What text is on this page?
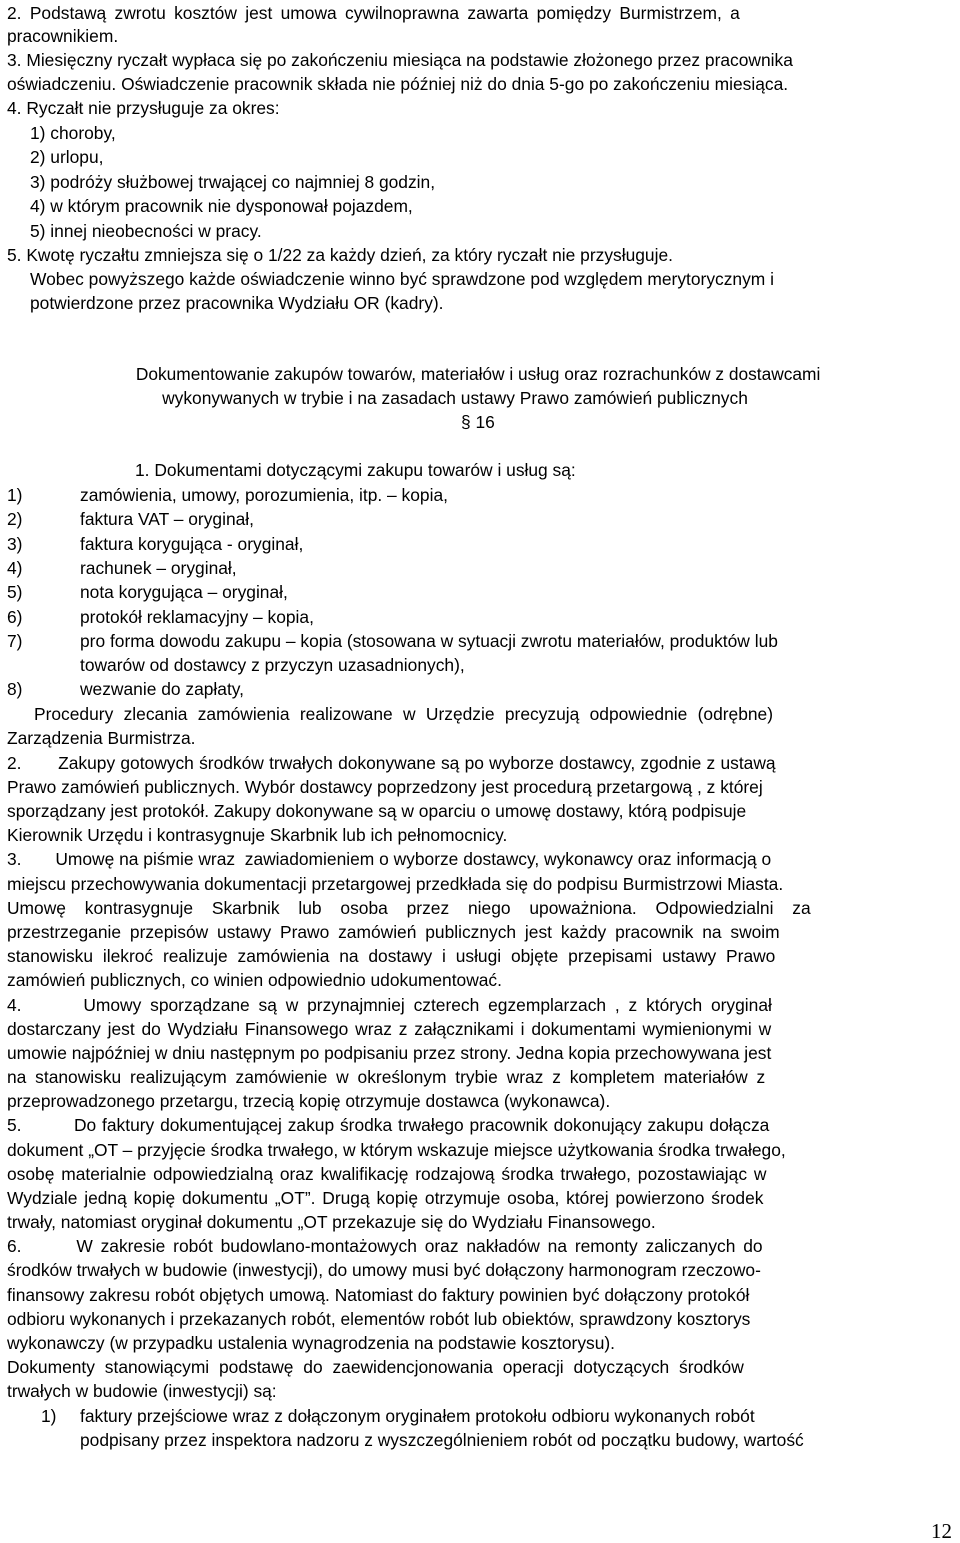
2. Podstawą zwrotu kosztów jest umowa cywilnoprawna zawarta pomiędzy Burmistrzem, a
pracownikiem.
3. Miesięczny ryczałt wypłaca się po zakończeniu miesiąca na podstawie złożonego przez pracownika
oświadczeniu. Oświadczenie pracownik składa nie później niż do dnia 5-go po zakończeniu miesiąca.
4. Ryczałt nie przysługuje za okres:
1) choroby,
2) urlopu,
3) podróży służbowej trwającej co najmniej 8 godzin,
4) w którym pracownik nie dysponował pojazdem,
5) innej nieobecności w pracy.
5. Kwotę ryczałtu zmniejsza się o 1/22 za każdy dzień, za który ryczałt nie przysługuje.
Wobec powyższego każde oświadczenie winno być sprawdzone pod względem merytorycznym i
potwierdzone przez pracownika Wydziału OR (kadry).
Dokumentowanie zakupów towarów, materiałów i usług oraz rozrachunków z dostawcami
wykonywanych w trybie i na zasadach ustawy Prawo zamówień publicznych
§ 16
1. Dokumentami dotyczącymi zakupu towarów i usług są:
1)	zamówienia, umowy, porozumienia, itp. – kopia,
2)	faktura VAT – oryginał,
3)	faktura korygująca - oryginał,
4)	rachunek – oryginał,
5)	nota korygująca – oryginał,
6)	protokół reklamacyjny – kopia,
7)	pro forma dowodu zakupu – kopia (stosowana w sytuacji zwrotu materiałów, produktów lub
towarów od dostawcy z przyczyn uzasadnionych),
8)	wezwanie do zapłaty,
Procedury zlecania zamówienia realizowane w Urzędzie precyzują odpowiednie (odrębne)
Zarządzenia Burmistrza.
2.       Zakupy gotowych środków trwałych dokonywane są po wyborze dostawcy, zgodnie z ustawą
Prawo zamówień publicznych. Wybór dostawcy poprzedzony jest procedurą przetargową , z której
sporządzany jest protokół. Zakupy dokonywane są w oparciu o umowę dostawy, którą podpisuje
Kierownik Urzędu i kontrasygnuje Skarbnik lub ich pełnomocnicy.
3.       Umowę na piśmie wraz  zawiadomieniem o wyborze dostawcy, wykonawcy oraz informacją o
miejscu przechowywania dokumentacji przetargowej przedkłada się do podpisu Burmistrzowi Miasta.
Umowę kontrasygnuje Skarbnik lub osoba przez niego upoważniona. Odpowiedzialni za
przestrzeganie przepisów ustawy Prawo zamówień publicznych jest każdy pracownik na swoim
stanowisku ilekroć realizuje zamówienia na dostawy i usługi objęte przepisami ustawy Prawo
zamówień publicznych, co winien odpowiednio udokumentować.
4.       Umowy sporządzane są w przynajmniej czterech egzemplarzach , z których oryginał
dostarczany jest do Wydziału Finansowego wraz z załącznikami i dokumentami wymienionymi w
umowie najpóźniej w dniu następnym po podpisaniu przez strony. Jedna kopia przechowywana jest
na stanowisku realizującym zamówienie w określonym trybie wraz z kompletem materiałów z
przeprowadzonego przetargu, trzecią kopię otrzymuje dostawca (wykonawca).
5.         Do faktury dokumentującej zakup środka trwałego pracownik dokonujący zakupu dołącza
dokument „OT – przyjęcie środka trwałego, w którym wskazuje miejsce użytkowania środka trwałego,
osobę materialnie odpowiedzialną oraz kwalifikację rodzajową środka trwałego, pozostawiając w
Wydziale jedną kopię dokumentu „OT”. Drugą kopię otrzymuje osoba, której powierzono środek
trwały, natomiast oryginał dokumentu „OT przekazuje się do Wydziału Finansowego.
6.       W zakresie robót budowlano-montażowych oraz nakładów na remonty zaliczanych do
środków trwałych w budowie (inwestycji), do umowy musi być dołączony harmonogram rzeczowo-
finansowy zakresu robót objętych umową. Natomiast do faktury powinien być dołączony protokół
odbioru wykonanych i przekazanych robót, elementów robót lub obiektów, sprawdzony kosztorys
wykonawczy (w przypadku ustalenia wynagrodzenia na podstawie kosztorysu).
Dokumenty stanowiącymi podstawę do zaewidencjonowania operacji dotyczących środków
trwałych w budowie (inwestycji) są:
1) faktury przejściowe wraz z dołączonym oryginałem protokołu odbioru wykonanych robót
podpisany przez inspektora nadzoru z wyszczególnieniem robót od początku budowy, wartość
12
